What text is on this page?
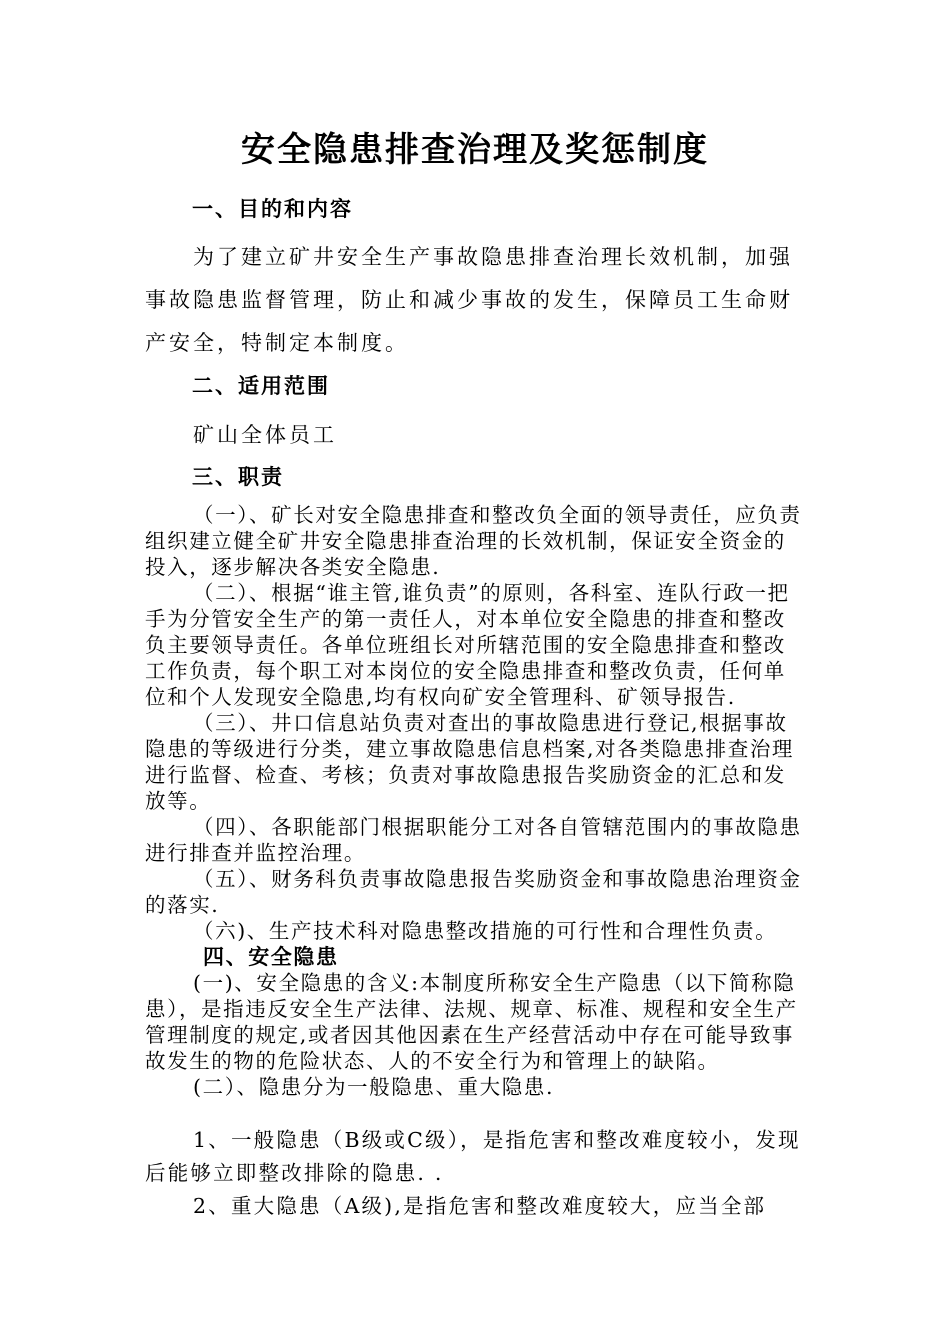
安全隐患排查治理及奖惩制度
一、目的和内容

为了建立矿井安全生产事故隐患排查治理长效机制，加强事故隐患监督管理，防止和减少事故的发生，保障员工生命财产安全，特制定本制度。

二、适用范围

矿山全体员工

三、职责

（一）、矿长对安全隐患排查和整改负全面的领导责任，应负责组织建立健全矿井安全隐患排查治理的长效机制，保证安全资金的投入，逐步解决各类安全隐患.

（二）、根据“谁主管,谁负责”的原则，各科室、连队行政一把手为分管安全生产的第一责任人，对本单位安全隐患的排查和整改负主要领导责任。各单位班组长对所辖范围的安全隐患排查和整改工作负责，每个职工对本岗位的安全隐患排查和整改负责，任何单位和个人发现安全隐患,均有权向矿安全管理科、矿领导报告.

（三）、井口信息站负责对查出的事故隐患进行登记,根据事故隐患的等级进行分类，建立事故隐患信息档案,对各类隐患排查治理进行监督、检查、考核；负责对事故隐患报告奖励资金的汇总和发放等。

（四）、各职能部门根据职能分工对各自管辖范围内的事故隐患进行排查并监控治理。

（五）、财务科负责事故隐患报告奖励资金和事故隐患治理资金的落实.

（六)、生产技术科对隐患整改措施的可行性和合理性负责。

四、安全隐患

(一)、安全隐患的含义:本制度所称安全生产隐患（以下简称隐患），是指违反安全生产法律、法规、规章、标准、规程和安全生产管理制度的规定,或者因其他因素在生产经营活动中存在可能导致事故发生的物的危险状态、人的不安全行为和管理上的缺陷。

(二）、隐患分为一般隐患、重大隐患.

1、一般隐患（B级或C级），是指危害和整改难度较小，发现后能够立即整改排除的隐患. .

2、重大隐患（A级),是指危害和整改难度较大，应当全部
